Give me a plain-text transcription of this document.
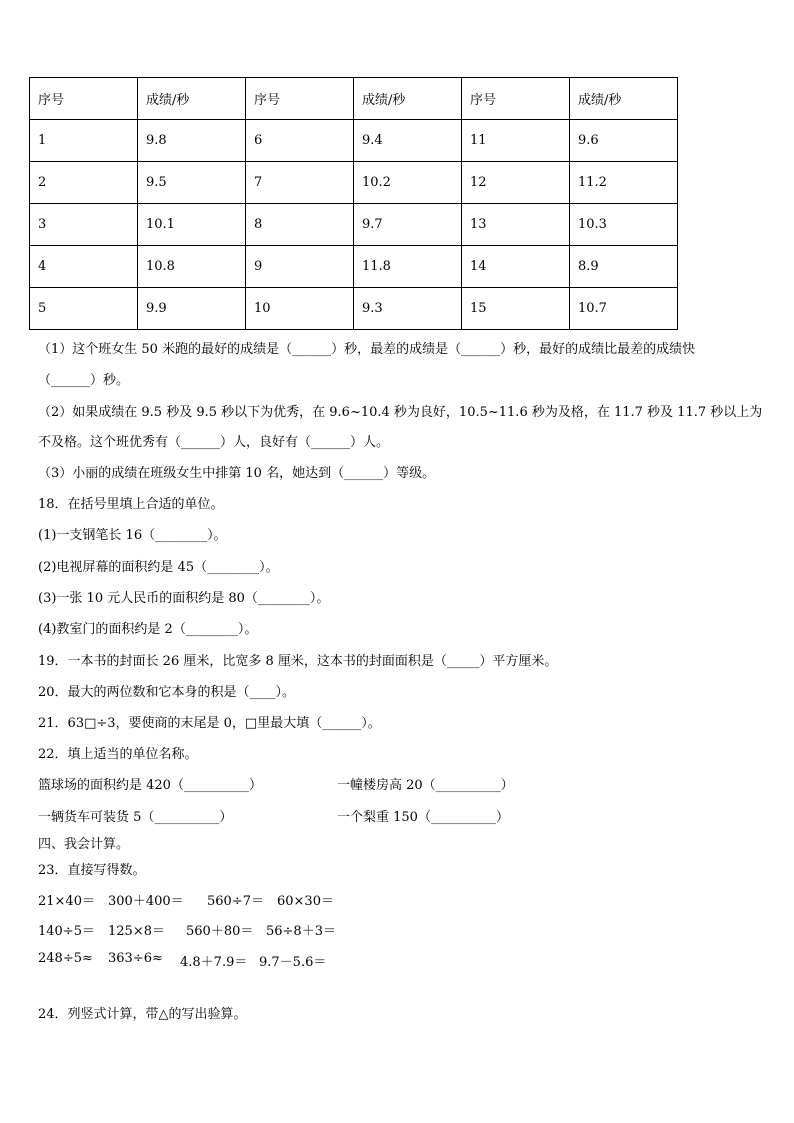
序号	成绩/秒	序号	成绩/秒	序号	成绩/秒
1	9.8	6	9.4	11	9.6
2	9.5	7	10.2	12	11.2
3	10.1	8	9.7	13	10.3
4	10.8	9	11.8	14	8.9
5	9.9	10	9.3	15	10.7
（1）这个班女生 50 米跑的最好的成绩是（______）秒，最差的成绩是（______）秒，最好的成绩比最差的成绩快
（______）秒。
（2）如果成绩在 9.5 秒及 9.5 秒以下为优秀，在 9.6~10.4 秒为良好，10.5~11.6 秒为及格，在 11.7 秒及 11.7 秒以上为
不及格。这个班优秀有（______）人，良好有（______）人。
（3）小丽的成绩在班级女生中排第 10 名，她达到（______）等级。
18．在括号里填上合适的单位。
(1)一支钢笔长 16（________）。
(2)电视屏幕的面积约是 45（________）。
(3)一张 10 元人民币的面积约是 80（________）。
(4)教室门的面积约是 2（________）。
19．一本书的封面长 26 厘米，比宽多 8 厘米，这本书的封面面积是（_____）平方厘米。
20．最大的两位数和它本身的积是（____）。
21．63□÷3，要使商的末尾是 0，□里最大填（______）。
22．填上适当的单位名称。
篮球场的面积约是 420（__________）	一幢楼房高 20（__________）
一辆货车可装货 5（__________）	一个梨重 150（__________）
四、我会计算。
23．直接写得数。
21×40＝ 300＋400＝ 560÷7＝ 60×30＝
140÷5＝ 125×8＝ 560＋80＝ 56÷8＋3＝
248÷5≈ 363÷6≈ 4.8＋7.9＝ 9.7－5.6＝
24．列竖式计算，带△的写出验算。
